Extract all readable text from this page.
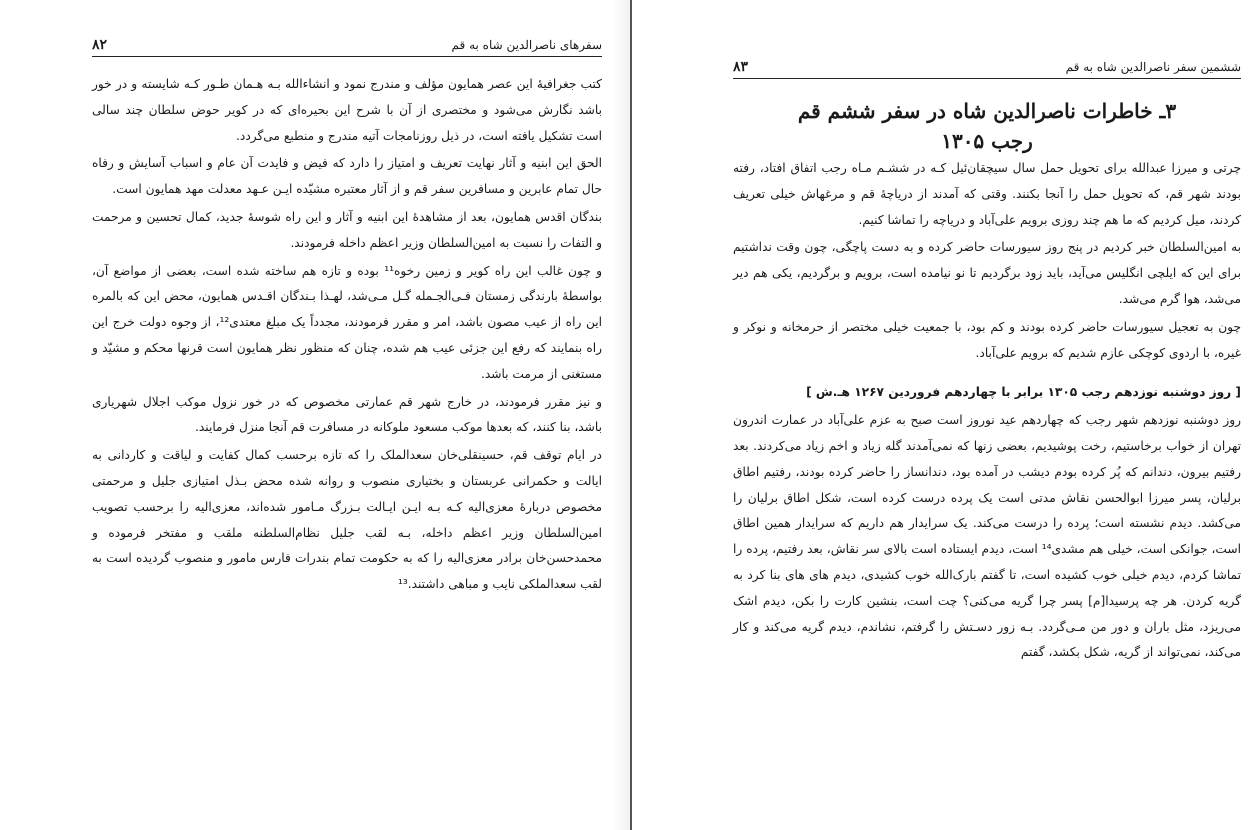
۸۲	سفرهای ناصرالدین شاه به قم

کتب جغرافیهٔ این عصر همایون مؤلف و مندرج نمود و انشاءالله بـه هـمان طـور کـه شایسته و در خور باشد نگارش می‌شود و مختصری از آن با شرح این بحیره‌ای که در کویر حوض سلطان چند سالی است تشکیل یافته است، در ذیل روزنامجات آتیه مندرج و منطبع می‌گردد.

الحق این ابنیه و آثار نهایت تعریف و امتیاز را دارد که فیض و فایدت آن عام و اسباب آسایش و رفاه حال تمام عابرین و مسافرین سفر قم و از آثار معتبره مشیّده ایـن عـهد معدلت مهد همایون است.

بندگان اقدس همایون، بعد از مشاهدهٔ این ابنیه و آثار و این راه شوسهٔ جدید، کمال تحسین و مرحمت و التفات را نسبت به امین‌السلطان وزیر اعظم داخله فرمودند.

و چون غالب این راه کویر و زمین رخوه¹¹ بوده و تازه هم ساخته شده است، بعضی از مواضع آن، بواسطهٔ بارندگی زمستان فـی‌الجـمله گـل مـی‌شد، لهـذا بـندگان اقـدس همایون، محض این که بالمره این راه از عیب مصون باشد، امر و مقرر فرمودند، مجدداً یک مبلغ معتدی¹²، از وجوه دولت خرج این راه بنمایند که رفع این جزئی عیب هم شده، چنان که منظور نظر همایون است قرنها محکم و مشیّد و مستغنی از مرمت باشد.

و نیز مقرر فرمودند، در خارج شهر قم عمارتی مخصوص که در خور نزول موکب اجلال شهریاری باشد، بنا کنند، که بعدها موکب مسعود ملوکانه در مسافرت قم آنجا منزل فرمایند.

در ایام توقف قم، حسینقلی‌خان سعدالملک را که تازه برحسب کمال کفایت و لیاقت و کاردانی به ایالت و حکمرانی عربستان و بختیاری منصوب و روانه شده محض بـذل امتیازی جلیل و مرحمتی مخصوص دربارهٔ معزی‌الیه کـه بـه ایـن ایـالت بـزرگ مـامور شده‌اند، معزی‌الیه را برحسب تصویب امین‌السلطان وزیر اعظم داخله، بـه لقب جلیل نظام‌السلطنه ملقب و مفتخر فرموده و محمدحسن‌خان برادر معزی‌الیه را که به حکومت تمام بندرات فارس مامور و منصوب گردیده است به لقب سعدالملکی نایب و مباهی داشتند.¹³

۸۳	ششمین سفر ناصرالدین شاه به قم
۳ـ خاطرات ناصرالدین شاه در سفر ششم قم
رجب ۱۳۰۵

چرتی و میرزا عبدالله برای تحویل حمل سال سیچقان‌ئیل کـه در ششـم مـاه رجب اتفاق افتاد، رفته بودند شهر قم، که تحویل حمل را آنجا بکنند. وقتی که آمدند از دریاچهٔ قم و مرغهاش خیلی تعریف کردند، میل کردیم که ما هم چند روزی برویم علی‌آباد و دریاچه را تماشا کنیم.

به امین‌السلطان خبر کردیم در پنج روز سیورسات حاضر کرده و به دست پاچگی، چون وقت نداشتیم برای این که ایلچی انگلیس می‌آید، باید زود برگردیم تا نو نیامده است، برویم و برگردیم، یکی هم دیر می‌شد، هوا گرم می‌شد.

چون به تعجیل سیورسات حاضر کرده بودند و کم بود، با جمعیت خیلی مختصر از حرمخانه و نوکر و غیره، با اردوی کوچکی عازم شدیم که برویم علی‌آباد.

[ روز دوشنبه نوزدهم رجب ۱۳۰۵ برابر با چهاردهم فروردین ۱۲۶۷ هـ.ش ]

روز دوشنبه نوزدهم شهر رجب که چهاردهم عید نوروز است صبح به عزم علی‌آباد در عمارت اندرون تهران از خواب برخاستیم، رخت پوشیدیم، بعضی زنها که نمی‌آمدند گله زیاد و اخم زیاد می‌کردند. بعد رفتیم بیرون، دندانم که پُر کرده بودم دیشب در آمده بود، دندانساز را حاضر کرده بودند، رفتیم اطاق برلیان، پسر میرزا ابوالحسن نقاش مدتی است یک پرده درست کرده است، شکل اطاق برلیان را می‌کشد. دیدم نشسته است؛ پرده را درست می‌کند. یک سرایدار هم داریم که سرایدار همین اطاق است، جوانکی است، خیلی هم مشدی¹⁴ است، دیدم ایستاده است بالای سر نقاش، بعد رفتیم، پرده را تماشا کردم، دیدم خیلی خوب کشیده است، تا گفتم بارک‌الله خوب کشیدی، دیدم های های بنا کرد به گریه کردن. هر چه پرسیدا[م] پسر چرا گریه می‌کنی؟ چت است، بنشین کارت را بکن، دیدم اشک می‌ریزد، مثل باران و دور من مـی‌گردد. بـه زور دسـتش را گرفتم، نشاندم، دیدم گریه می‌کند و کار می‌کند، نمی‌تواند از گریه، شکل بکشد، گفتم
